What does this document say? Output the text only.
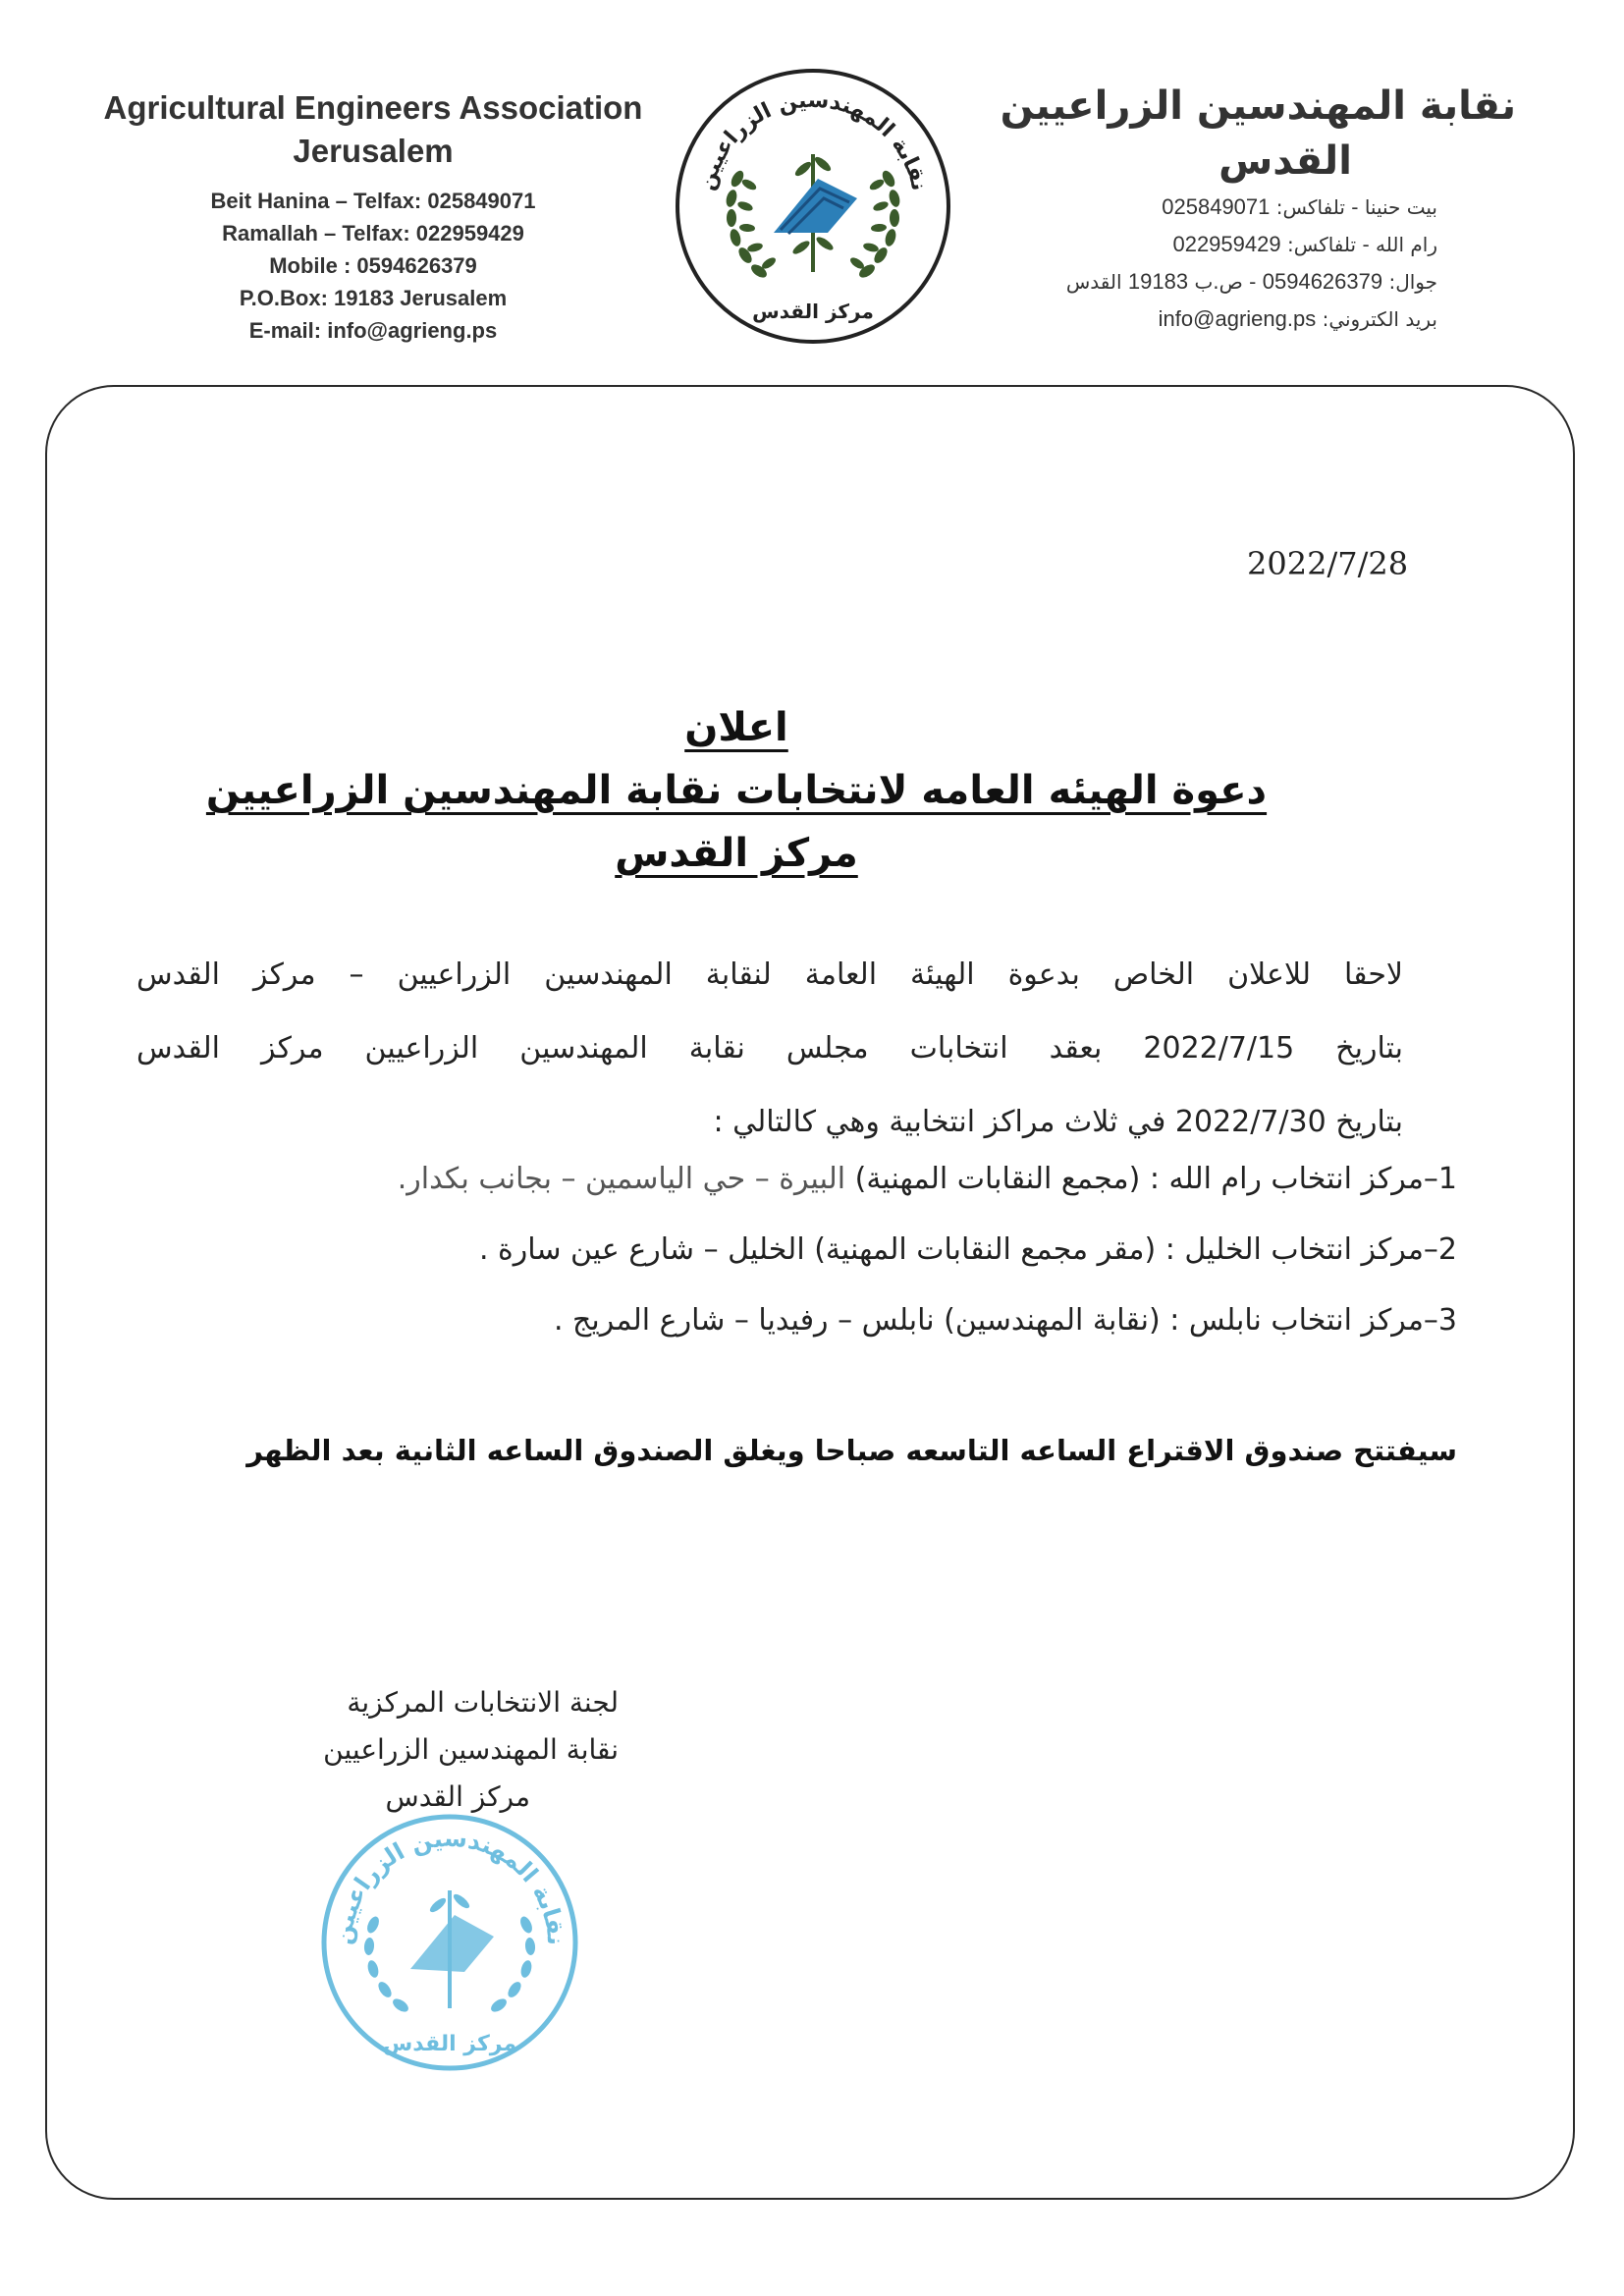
Agricultural Engineers Association
Jerusalem
Beit Hanina – Telfax: 025849071
Ramallah – Telfax: 022959429
Mobile : 0594626379
P.O.Box: 19183 Jerusalem
E-mail: info@agrieng.ps
نقابة المهندسين الزراعيين
مركز القدس
نقابة المهندسين الزراعيين
القدس
بيت حنينا - تلفاكس: 025849071
رام الله - تلفاكس: 022959429
جوال: 0594626379 - ص.ب 19183 القدس
بريد الكتروني: info@agrieng.ps
2022/7/28
اعلان
دعوة الهيئه العامه لانتخابات نقابة المهندسين الزراعيين
مركز القدس
لاحقا للاعلان الخاص بدعوة الهيئة العامة لنقابة المهندسين الزراعيين – مركز القدس
بتاريخ 2022/7/15 بعقد انتخابات مجلس نقابة المهندسين الزراعيين مركز القدس
بتاريخ 2022/7/30 في ثلاث مراكز انتخابية وهي كالتالي :
1–مركز انتخاب رام الله : (مجمع النقابات المهنية) البيرة – حي الياسمين – بجانب بكدار.
2–مركز انتخاب الخليل : (مقر مجمع النقابات المهنية) الخليل – شارع عين سارة .
3–مركز انتخاب نابلس : (نقابة المهندسين) نابلس – رفيديا – شارع المريج .
سيفتتح صندوق الاقتراع الساعه التاسعه صباحا ويغلق الصندوق الساعه الثانية بعد الظهر
لجنة الانتخابات المركزية
نقابة المهندسين الزراعيين
مركز القدس
نقابة المهندسين الزراعيين
مركز القدس
